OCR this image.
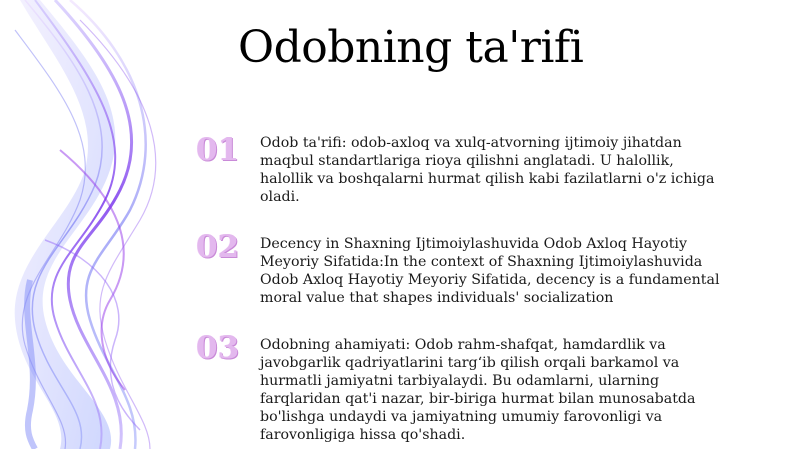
Odobning ta'rifi
01	Odob ta'rifi: odob-axloq va xulq-atvorning ijtimoiy jihatdan maqbul standartlariga rioya qilishni anglatadi. U halollik, halollik va boshqalarni hurmat qilish kabi fazilatlarni o'z ichiga oladi.
02	Decency in Shaxning Ijtimoiylashuvida Odob Axloq Hayotiy Meyoriy Sifatida:In the context of Shaxning Ijtimoiylashuvida Odob Axloq Hayotiy Meyoriy Sifatida, decency is a fundamental moral value that shapes individuals' socialization
03	Odobning ahamiyati: Odob rahm-shafqat, hamdardlik va javobgarlik qadriyatlarini targ‘ib qilish orqali barkamol va hurmatli jamiyatni tarbiyalaydi. Bu odamlarni, ularning farqlaridan qat'i nazar, bir-biriga hurmat bilan munosabatda bo'lishga undaydi va jamiyatning umumiy farovonligi va farovonligiga hissa qo'shadi.
